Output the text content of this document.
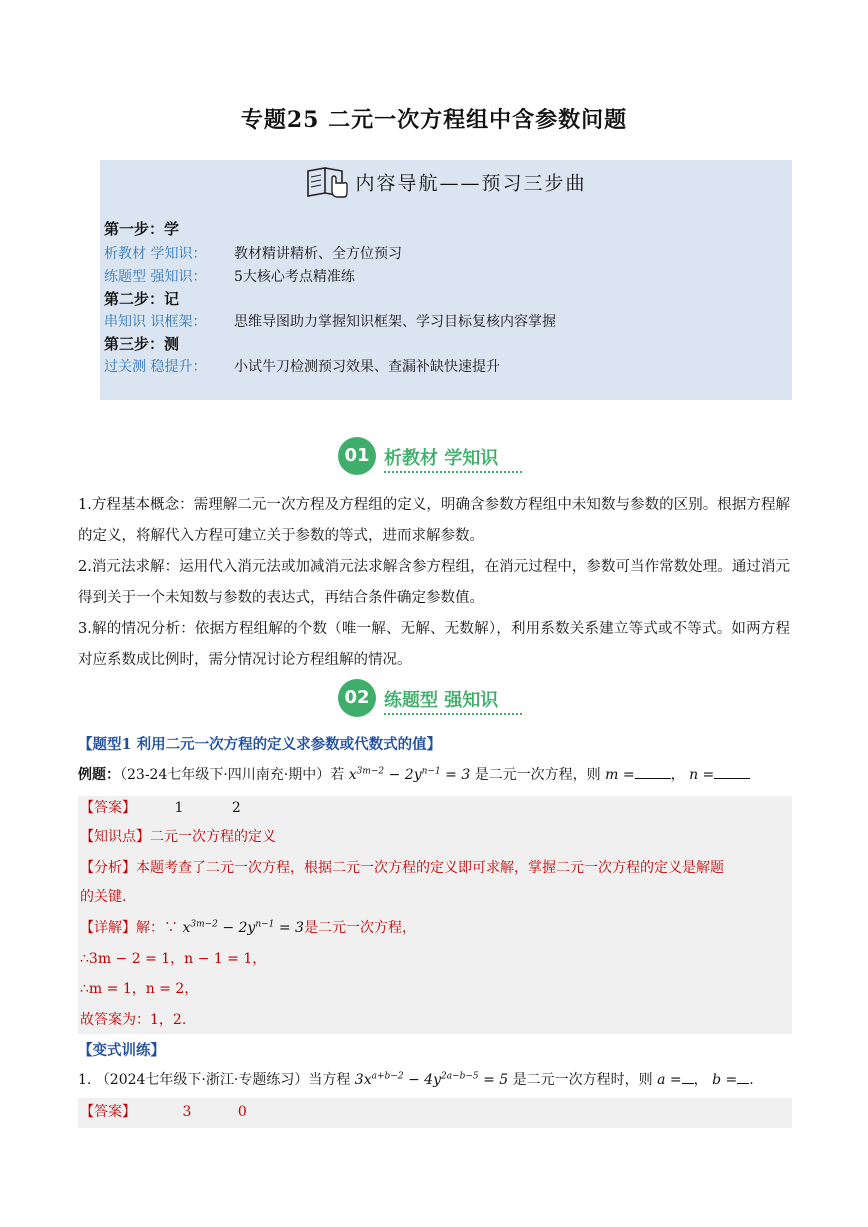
专题25 二元一次方程组中含参数问题
内容导航——预习三步曲
第一步：学
析教材 学知识： 教材精讲精析、全方位预习
练题型 强知识： 5大核心考点精准练
第二步：记
串知识 识框架： 思维导图助力掌握知识框架、学习目标复核内容掌握
第三步：测
过关测 稳提升： 小试牛刀检测预习效果、查漏补缺快速提升
01 析教材 学知识

1.方程基本概念：需理解二元一次方程及方程组的定义，明确含参数方程组中未知数与参数的区别。根据方程解的定义，将解代入方程可建立关于参数的等式，进而求解参数。

2.消元法求解：运用代入消元法或加减消元法求解含参方程组，在消元过程中，参数可当作常数处理。通过消元得到关于一个未知数与参数的表达式，再结合条件确定参数值。

3.解的情况分析：依据方程组解的个数（唯一解、无解、无数解），利用系数关系建立等式或不等式。如两方程对应系数成比例时，需分情况讨论方程组解的情况。

02 练题型 强知识
【题型1 利用二元一次方程的定义求参数或代数式的值】
例题：（23-24七年级下·四川南充·期中）若 $x^{3m-2} - 2y^{n-1} = 3$ 是二元一次方程，则 m =	， n =
【答案】	1	2
【知识点】二元一次方程的定义
【分析】本题考查了二元一次方程，根据二元一次方程的定义即可求解，掌握二元一次方程的定义是解题
的关键.
【详解】解：∵ $x^{3m-2} - 2y^{n-1} = 3$是二元一次方程，
∴3m − 2 = 1，n − 1 = 1，
∴m = 1，n = 2，
故答案为：1，2.
【变式训练】
1. （2024七年级下·浙江·专题练习）当方程 $3x^{a+b-2} - 4y^{2a-b-5} = 5$ 是二元一次方程时，则 a = ， b = .
【答案】	3	0
